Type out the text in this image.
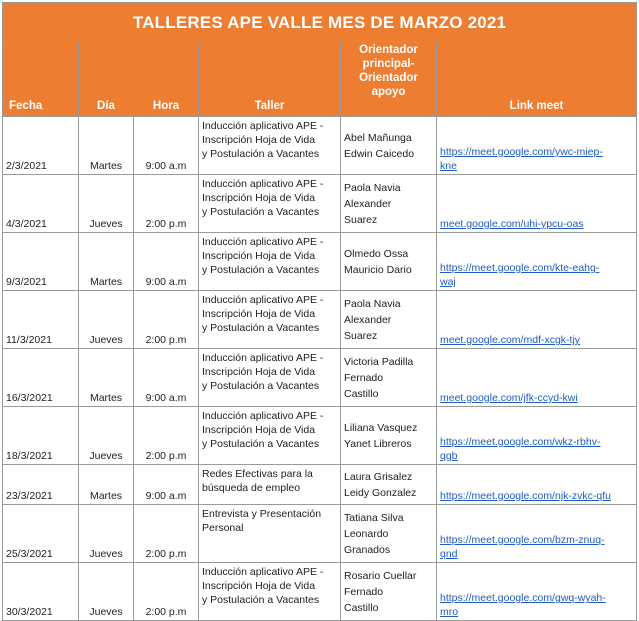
TALLERES APE VALLE MES DE MARZO 2021					
Fecha	Día	Hora	Taller	Orientador
principal-
Orientador
apoyo	Link meet
2/3/2021	Martes	9:00 a.m	Inducción aplicativo APE -
Inscripción Hoja de Vida
y Postulación a Vacantes	Abel Mañunga
Edwin Caicedo	https://meet.google.com/ywc-miep-
kne

4/3/2021	Jueves	2:00 p.m	Inducción aplicativo APE -
Inscripción Hoja de Vida
y Postulación a Vacantes	Paola Navia
Alexander
Suarez	meet.google.com/uhi-ypcu-oas

9/3/2021	Martes	9:00 a.m	Inducción aplicativo APE -
Inscripción Hoja de Vida
y Postulación a Vacantes	Olmedo Ossa
Mauricio Dario	https://meet.google.com/kte-eahg-
waj

11/3/2021	Jueves	2:00 p.m	Inducción aplicativo APE -
Inscripción Hoja de Vida
y Postulación a Vacantes	Paola Navia
Alexander
Suarez	meet.google.com/mdf-xcgk-tjy

16/3/2021	Martes	9:00 a.m	Inducción aplicativo APE -
Inscripción Hoja de Vida
y Postulación a Vacantes	Victoria Padilla
Fernado
Castillo	meet.google.com/jfk-ccyd-kwi

18/3/2021	Jueves	2:00 p.m	Inducción aplicativo APE -
Inscripción Hoja de Vida
y Postulación a Vacantes	Liliana Vasquez
Yanet Libreros	https://meet.google.com/wkz-rbhv-
qgb

23/3/2021	Martes	9:00 a.m	Redes Efectivas para la
búsqueda de empleo	Laura Grisalez
Leidy Gonzalez	https://meet.google.com/njk-zvkc-qfu

25/3/2021	Jueves	2:00 p.m	Entrevista y Presentación
Personal	Tatiana Silva
Leonardo
Granados	https://meet.google.com/bzm-znuq-
qnd

30/3/2021	Jueves	2:00 p.m	Inducción aplicativo APE -
Inscripción Hoja de Vida
y Postulación a Vacantes	Rosario Cuellar
Fernado
Castillo	https://meet.google.com/gwq-wyah-
mro
